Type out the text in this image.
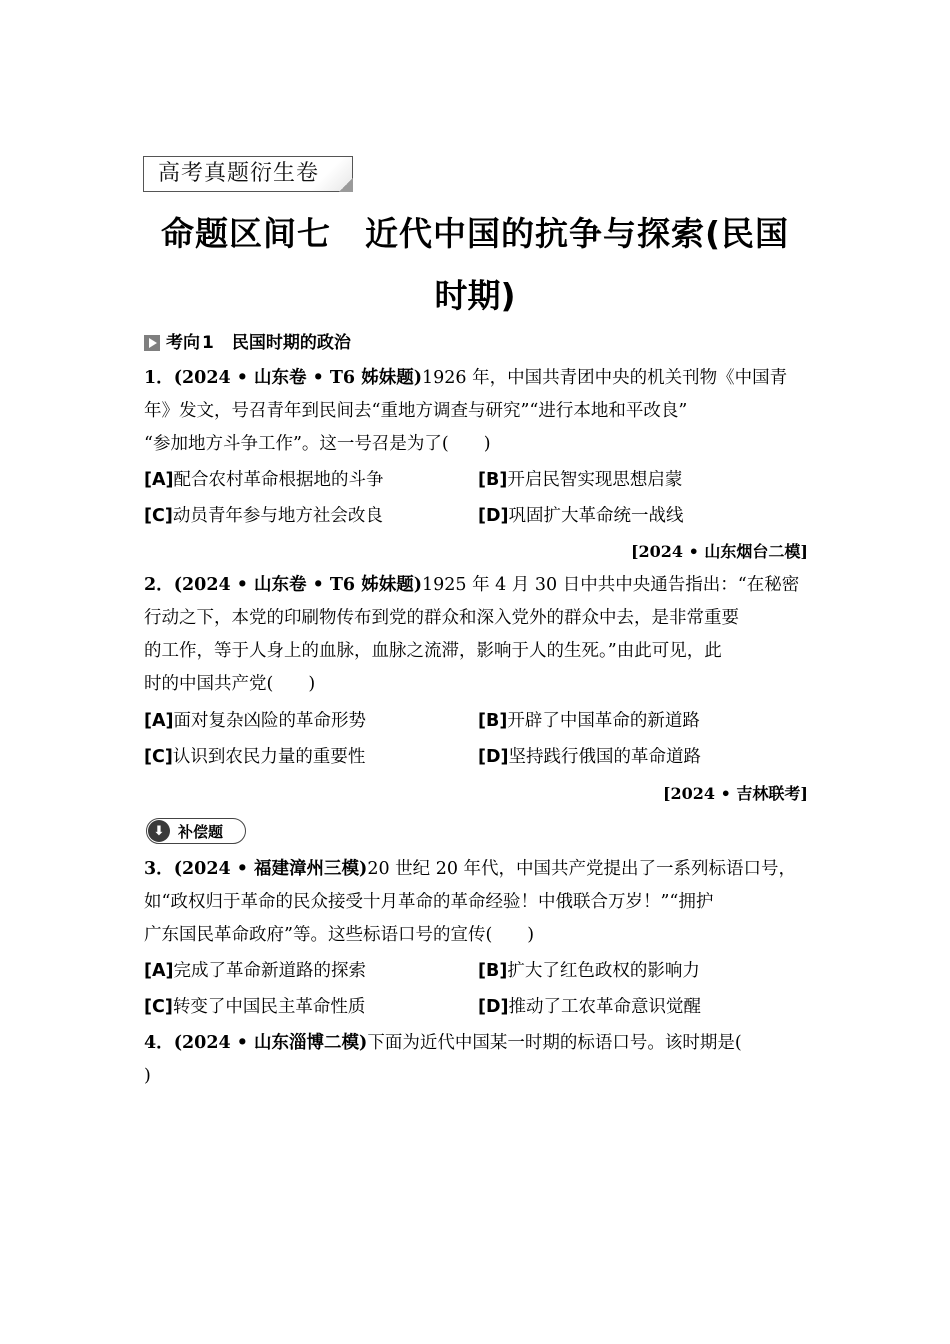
高考真题衍生卷
命题区间七　近代中国的抗争与探索(民国
时期)
考向 1 民国时期的政治
1．(2024 • 山东卷 • T6 姊妹题)1926 年，中国共青团中央的机关刊物《中国青
年》发文，号召青年到民间去“重地方调查与研究”“进行本地和平改良”
“参加地方斗争工作”。这一号召是为了(　　)
[A]配合农村革命根据地的斗争	[B]开启民智实现思想启蒙
[C]动员青年参与地方社会改良	[D]巩固扩大革命统一战线
[2024 • 山东烟台二模]
2．(2024 • 山东卷 • T6 姊妹题)1925 年 4 月 30 日中共中央通告指出：“在秘密
行动之下，本党的印刷物传布到党的群众和深入党外的群众中去，是非常重要
的工作，等于人身上的血脉，血脉之流滞，影响于人的生死。”由此可见，此
时的中国共产党(　　)
[A]面对复杂凶险的革命形势	[B]开辟了中国革命的新道路
[C]认识到农民力量的重要性	[D]坚持践行俄国的革命道路
[2024 • 吉林联考]
⬇ 补偿题
3．(2024 • 福建漳州三模)20 世纪 20 年代，中国共产党提出了一系列标语口号，
如“政权归于革命的民众接受十月革命的革命经验！中俄联合万岁！”“拥护
广东国民革命政府”等。这些标语口号的宣传(　　)
[A]完成了革命新道路的探索	[B]扩大了红色政权的影响力
[C]转变了中国民主革命性质	[D]推动了工农革命意识觉醒
4．(2024 • 山东淄博二模)下面为近代中国某一时期的标语口号。该时期是(
)
